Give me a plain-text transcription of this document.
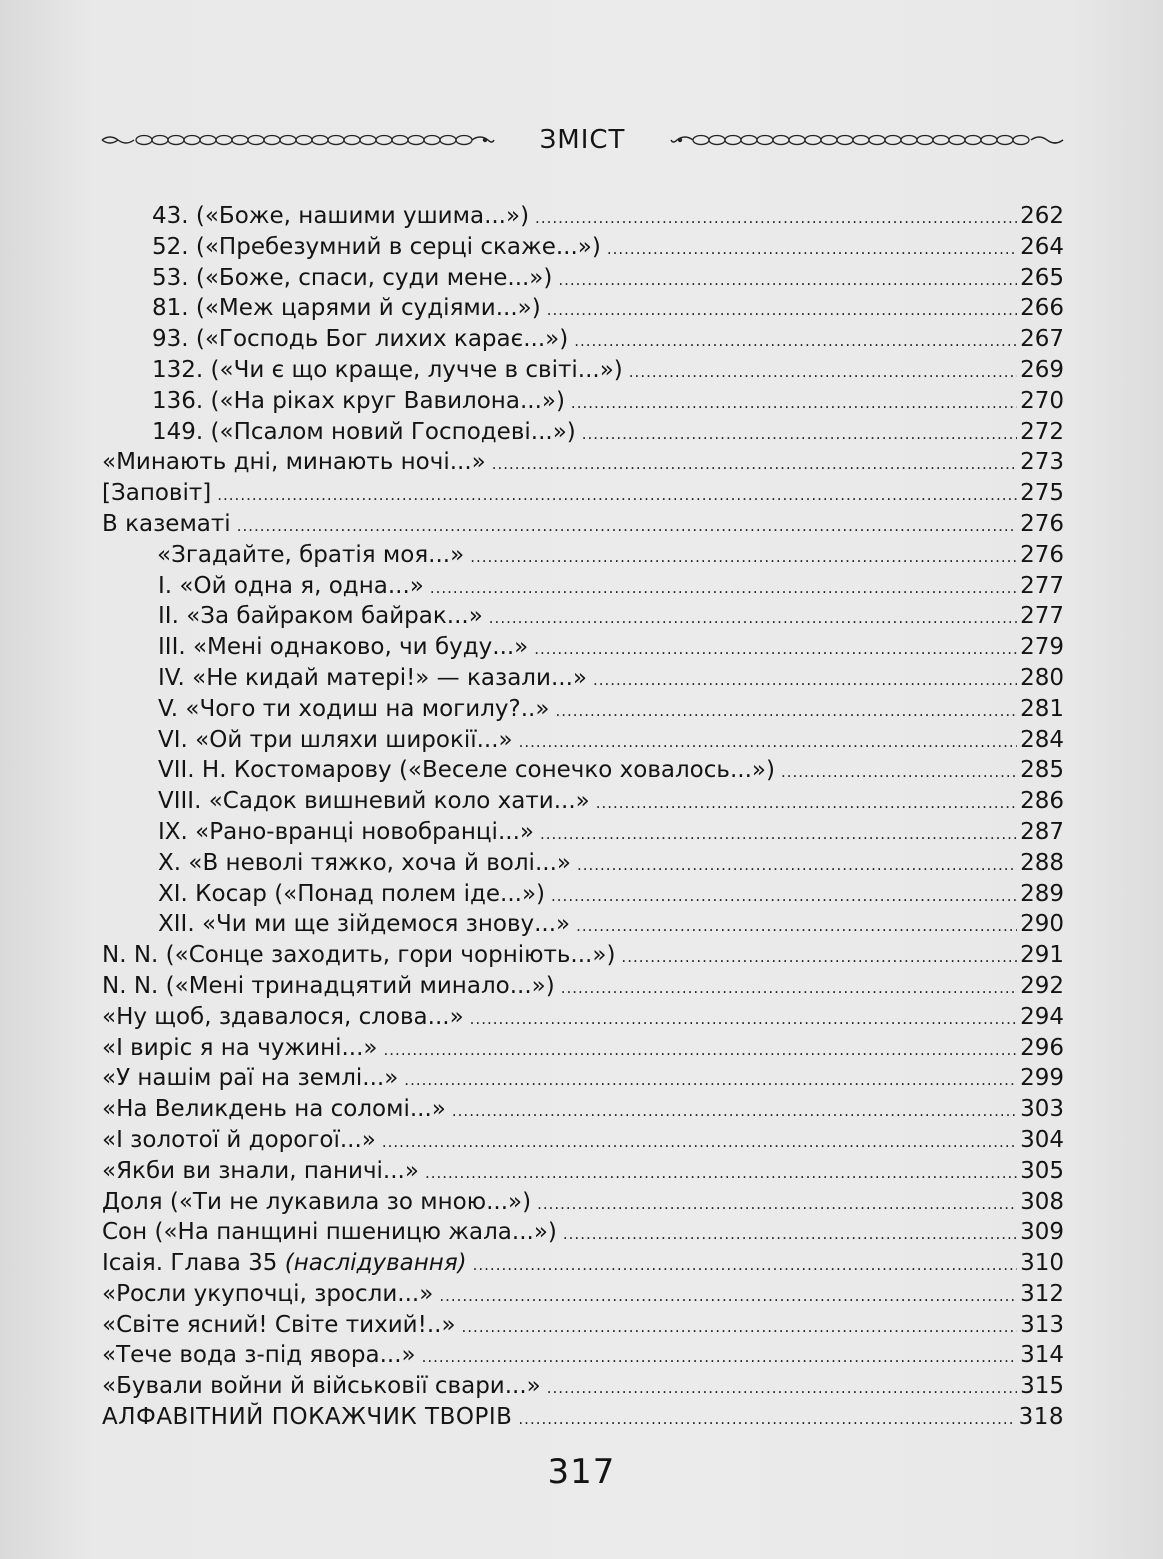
ЗМІСТ
43. («Боже, нашими ушима...») .....	262
52. («Пребезумний в серці скаже...») .....	264
53. («Боже, спаси, суди мене...») .....	265
81. («Меж царями й судіями...») .....	266
93. («Господь Бог лихих карає...») .....	267
132. («Чи є що краще, лучче в світі...») .....	269
136. («На ріках круг Вавилона...») .....	270
149. («Псалом новий Господеві...») .....	272
«Минають дні, минають ночі...» .....	273
[Заповіт] .....	275
В казематі .....	276
«Згадайте, братія моя...» .....	276
І. «Ой одна я, одна...» .....	277
II. «За байраком байрак...» .....	277
III. «Мені однаково, чи буду...» .....	279
IV. «Не кидай матері!» — казали...» .....	280
V. «Чого ти ходиш на могилу?..» .....	281
VI. «Ой три шляхи широкії...» .....	284
VII. Н. Костомарову («Веселе сонечко ховалось...») .....	285
VIII. «Садок вишневий коло хати...» .....	286
IX. «Рано-вранці новобранці...» .....	287
X. «В неволі тяжко, хоча й волі...» .....	288
XI. Косар («Понад полем іде...») .....	289
XII. «Чи ми ще зійдемося знову...» .....	290
N. N. («Сонце заходить, гори чорніють...») .....	291
N. N. («Мені тринадцятий минало...») .....	292
«Ну щоб, здавалося, слова...» .....	294
«І виріс я на чужині...» .....	296
«У нашім раї на землі...» .....	299
«На Великдень на соломі...» .....	303
«І золотої й дорогої...» .....	304
«Якби ви знали, паничі...» .....	305
Доля («Ти не лукавила зо мною...») .....	308
Сон («На панщині пшеницю жала...») .....	309
Ісаія. Глава 35 (наслідування) .....	310
«Росли укупочці, зросли...» .....	312
«Світе ясний! Світе тихий!..» .....	313
«Тече вода з-під явора...» .....	314
«Бували войни й військовії свари...» .....	315
АЛФАВІТНИЙ ПОКАЖЧИК ТВОРІВ .....	318
317
